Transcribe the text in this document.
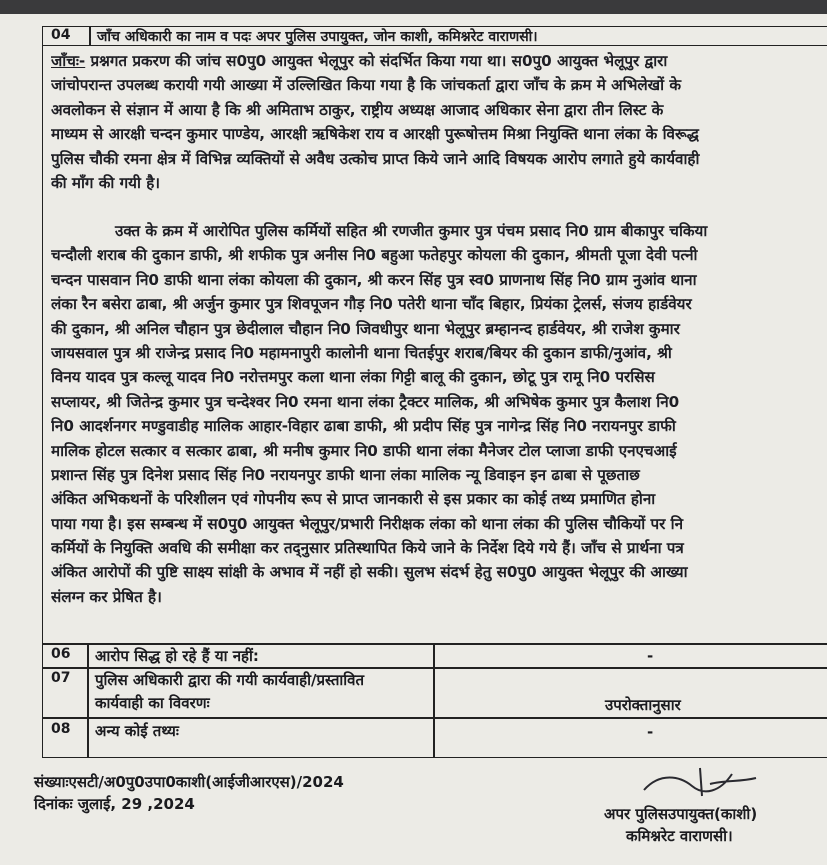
04 जाँच अधिकारी का नाम व पदः अपर पुलिस उपायुक्त, जोन काशी, कमिश्नरेट वाराणसी।
जाँचः- प्रश्नगत प्रकरण की जांच स0पु0 आयुक्त भेलूपुर को संदर्भित किया गया था। स0पु0 आयुक्त भेलूपुर द्वारा
जांचोपरान्त उपलब्ध करायी गयी आख्या में उल्लिखित किया गया है कि जांचकर्ता द्वारा जाँच के क्रम मे अभिलेखों के
अवलोकन से संज्ञान में आया है कि श्री अमिताभ ठाकुर, राष्ट्रीय अध्यक्ष आजाद अधिकार सेना द्वारा तीन लिस्ट के
माध्यम से आरक्षी चन्दन कुमार पाण्डेय, आरक्षी ऋषिकेश राय व आरक्षी पुरूषोत्तम मिश्रा नियुक्ति थाना लंका के विरूद्ध
पुलिस चौकी रमना क्षेत्र में विभिन्न व्यक्तियों से अवैध उत्कोच प्राप्त किये जाने आदि विषयक आरोप लगाते हुये कार्यवाही
की माँग की गयी है।
उक्त के क्रम में आरोपित पुलिस कर्मियों सहित श्री रणजीत कुमार पुत्र पंचम प्रसाद नि0 ग्राम बीकापुर चकिया
चन्दौली शराब की दुकान डाफी, श्री शफीक पुत्र अनीस नि0 बहुआ फतेहपुर कोयला की दुकान, श्रीमती पूजा देवी पत्नी
चन्दन पासवान नि0 डाफी थाना लंका कोयला की दुकान, श्री करन सिंह पुत्र स्व0 प्राणनाथ सिंह नि0 ग्राम नुआंव थाना
लंका रैन बसेरा ढाबा, श्री अर्जुन कुमार पुत्र शिवपूजन गौड़ नि0 पतेरी थाना चाँद बिहार, प्रियंका ट्रेलर्स, संजय हार्डवेयर
की दुकान, श्री अनिल चौहान पुत्र छेदीलाल चौहान नि0 जिवधीपुर थाना भेलूपुर ब्रम्हानन्द हार्डवेयर, श्री राजेश कुमार
जायसवाल पुत्र श्री राजेन्द्र प्रसाद नि0 महामनापुरी कालोनी थाना चितईपुर शराब/बियर की दुकान डाफी/नुआंव, श्री
विनय यादव पुत्र कल्लू यादव नि0 नरोत्तमपुर कला थाना लंका गिट्टी बालू की दुकान, छोटू पुत्र रामू नि0 परसिस
सप्लायर, श्री जितेन्द्र कुमार पुत्र चन्देश्वर नि0 रमना थाना लंका ट्रैक्टर मालिक, श्री अभिषेक कुमार पुत्र कैलाश नि0
नि0 आदर्शनगर मण्डुवाडीह मालिक आहार-विहार ढाबा डाफी, श्री प्रदीप सिंह पुत्र नागेन्द्र सिंह नि0 नरायनपुर डाफी
मालिक होटल सत्कार व सत्कार ढाबा, श्री मनीष कुमार नि0 डाफी थाना लंका मैनेजर टोल प्लाजा डाफी एनएचआई
प्रशान्त सिंह पुत्र दिनेश प्रसाद सिंह नि0 नरायनपुर डाफी थाना लंका मालिक न्यू डिवाइन इन ढाबा से पूछताछ
अंकित अभिकथनों के परिशीलन एवं गोपनीय रूप से प्राप्त जानकारी से इस प्रकार का कोई तथ्य प्रमाणित होना
पाया गया है। इस सम्बन्ध में स0पु0 आयुक्त भेलूपुर/प्रभारी निरीक्षक लंका को थाना लंका की पुलिस चौकियों पर नि
कर्मियों के नियुक्ति अवधि की समीक्षा कर तद्नुसार प्रतिस्थापित किये जाने के निर्देश दिये गये हैं। जाँच से प्रार्थना पत्र
अंकित आरोपों की पुष्टि साक्ष्य सांक्षी के अभाव में नहीं हो सकी। सुलभ संदर्भ हेतु स0पु0 आयुक्त भेलूपुर की आख्या
संलग्न कर प्रेषित है।
06 आरोप सिद्ध हो रहे हैं या नहीं:	-
07 पुलिस अधिकारी द्वारा की गयी कार्यवाही/प्रस्तावित
कार्यवाही का विवरणः	उपरोक्तानुसार
08 अन्य कोई तथ्यः	-
संख्याःएसटी/अ0पु0उपा0काशी(आईजीआरएस)/2024
दिनांकः जुलाई, 29 ,2024
अपर पुलिसउपायुक्त(काशी)
कमिश्नरेट वाराणसी।
